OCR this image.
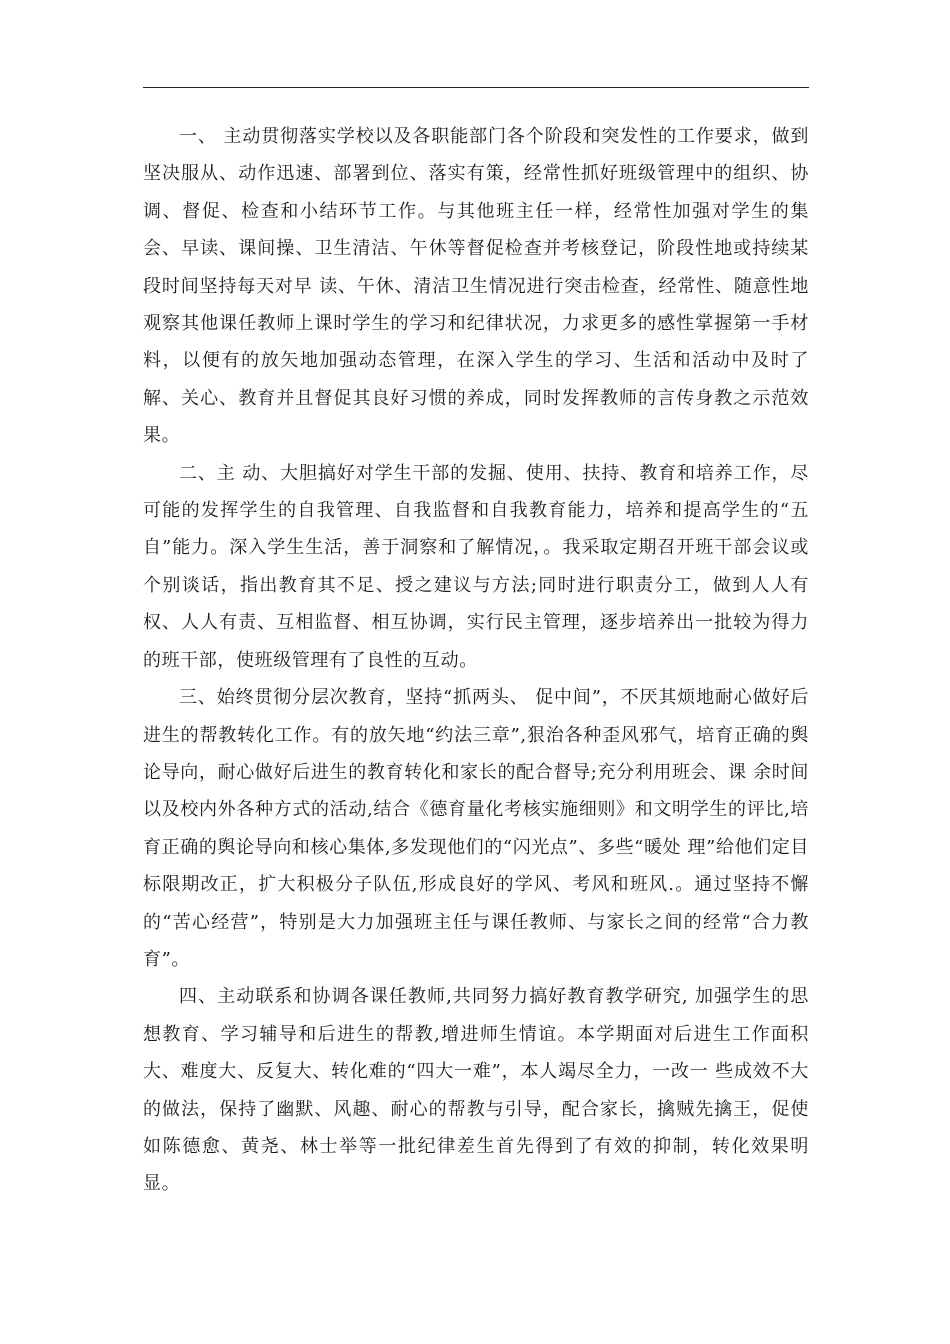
一、 主动贯彻落实学校以及各职能部门各个阶段和突发性的工作要求，做到坚决服从、动作迅速、部署到位、落实有策，经常性抓好班级管理中的组织、协调、督促、检查和小结环节工作。与其他班主任一样，经常性加强对学生的集会、早读、课间操、卫生清洁、午休等督促检查并考核登记，阶段性地或持续某段时间坚持每天对早 读、午休、清洁卫生情况进行突击检查，经常性、随意性地观察其他课任教师上课时学生的学习和纪律状况，力求更多的感性掌握第一手材料，以便有的放矢地加强动态管理，在深入学生的学习、生活和活动中及时了解、关心、教育并且督促其良好习惯的养成，同时发挥教师的言传身教之示范效果。

二、主 动、大胆搞好对学生干部的发掘、使用、扶持、教育和培养工作，尽可能的发挥学生的自我管理、自我监督和自我教育能力，培养和提高学生的“五自”能力。深入学生生活，善于洞察和了解情况，。我采取定期召开班干部会议或个别谈话，指出教育其不足、授之建议与方法;同时进行职责分工，做到人人有权、人人有责、互相监督、相互协调，实行民主管理，逐步培养出一批较为得力的班干部，使班级管理有了良性的互动。

三、始终贯彻分层次教育，坚持“抓两头、 促中间”，不厌其烦地耐心做好后进生的帮教转化工作。有的放矢地“约法三章”,狠治各种歪风邪气，培育正确的舆论导向，耐心做好后进生的教育转化和家长的配合督导;充分利用班会、课 余时间以及校内外各种方式的活动,结合《德育量化考核实施细则》和文明学生的评比,培育正确的舆论导向和核心集体,多发现他们的“闪光点”、多些“暖处 理”给他们定目标限期改正，扩大积极分子队伍,形成良好的学风、考风和班风.。通过坚持不懈的“苦心经营”，特别是大力加强班主任与课任教师、与家长之间的经常“合力教育”。

四、主动联系和协调各课任教师,共同努力搞好教育教学研究, 加强学生的思想教育、学习辅导和后进生的帮教,增进师生情谊。本学期面对后进生工作面积大、难度大、反复大、转化难的“四大一难”，本人竭尽全力，一改一 些成效不大的做法，保持了幽默、风趣、耐心的帮教与引导，配合家长，擒贼先擒王，促使如陈德愈、黄尧、林士举等一批纪律差生首先得到了有效的抑制，转化效果明显。
